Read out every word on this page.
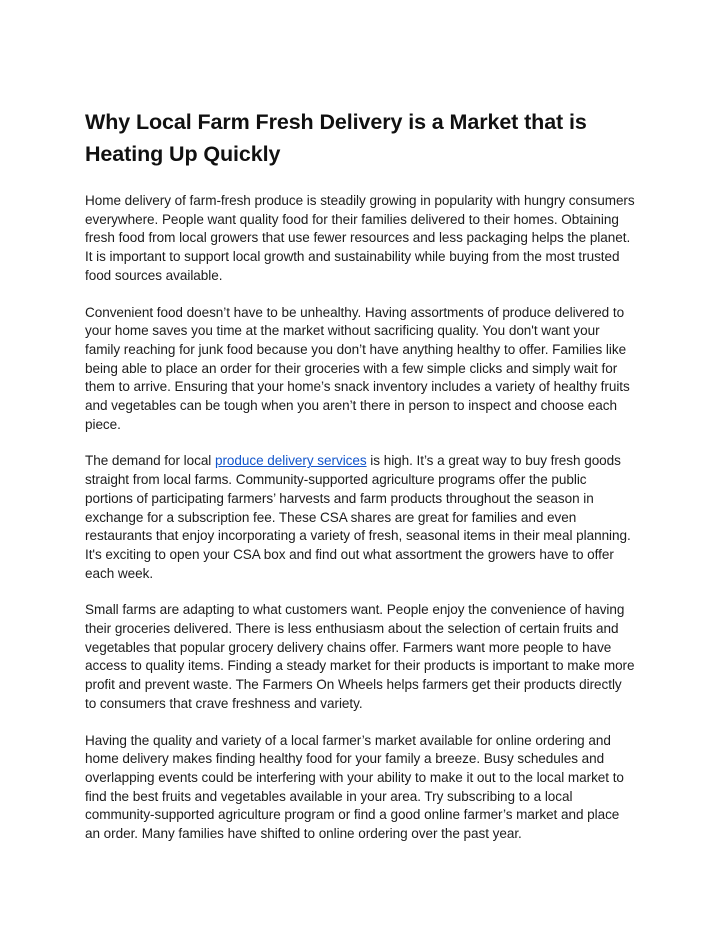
Why Local Farm Fresh Delivery is a Market that is Heating Up Quickly

Home delivery of farm-fresh produce is steadily growing in popularity with hungry consumers everywhere. People want quality food for their families delivered to their homes. Obtaining fresh food from local growers that use fewer resources and less packaging helps the planet. It is important to support local growth and sustainability while buying from the most trusted food sources available.

Convenient food doesn’t have to be unhealthy. Having assortments of produce delivered to your home saves you time at the market without sacrificing quality. You don't want your family reaching for junk food because you don’t have anything healthy to offer. Families like being able to place an order for their groceries with a few simple clicks and simply wait for them to arrive. Ensuring that your home’s snack inventory includes a variety of healthy fruits and vegetables can be tough when you aren’t there in person to inspect and choose each piece.

The demand for local produce delivery services is high. It’s a great way to buy fresh goods straight from local farms. Community-supported agriculture programs offer the public portions of participating farmers’ harvests and farm products throughout the season in exchange for a subscription fee. These CSA shares are great for families and even restaurants that enjoy incorporating a variety of fresh, seasonal items in their meal planning. It's exciting to open your CSA box and find out what assortment the growers have to offer each week.

Small farms are adapting to what customers want. People enjoy the convenience of having their groceries delivered. There is less enthusiasm about the selection of certain fruits and vegetables that popular grocery delivery chains offer. Farmers want more people to have access to quality items. Finding a steady market for their products is important to make more profit and prevent waste. The Farmers On Wheels helps farmers get their products directly to consumers that crave freshness and variety.

Having the quality and variety of a local farmer’s market available for online ordering and home delivery makes finding healthy food for your family a breeze. Busy schedules and overlapping events could be interfering with your ability to make it out to the local market to find the best fruits and vegetables available in your area. Try subscribing to a local community-supported agriculture program or find a good online farmer’s market and place an order. Many families have shifted to online ordering over the past year.
